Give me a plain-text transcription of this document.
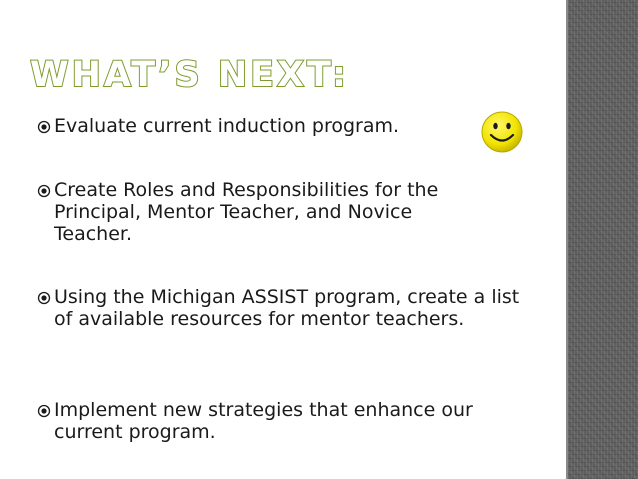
WHAT’S NEXT:
Evaluate current induction program.
Create Roles and Responsibilities for the Principal, Mentor Teacher, and Novice Teacher.
Using the Michigan ASSIST program, create a list of available resources for mentor teachers.
Implement new strategies that enhance our current program.
